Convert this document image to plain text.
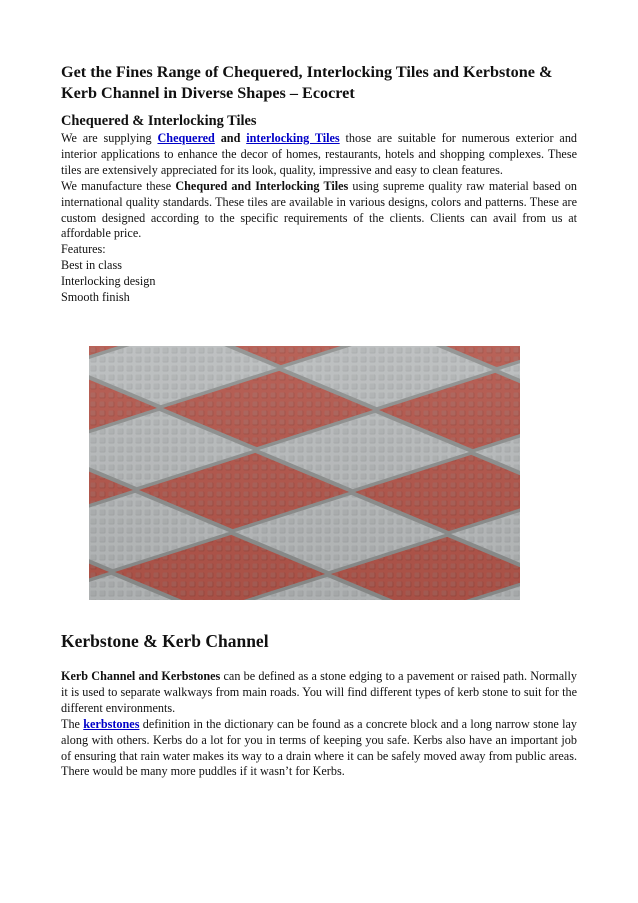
Get the Fines Range of Chequered, Interlocking Tiles and Kerbstone & Kerb Channel in Diverse Shapes – Ecocret
Chequered & Interlocking Tiles

We are supplying Chequered and interlocking Tiles those are suitable for numerous exterior and interior applications to enhance the decor of homes, restaurants, hotels and shopping complexes. These tiles are extensively appreciated for its look, quality, impressive and easy to clean features.

We manufacture these Chequred and Interlocking Tiles using supreme quality raw material based on international quality standards. These tiles are available in various designs, colors and patterns. These are custom designed according to the specific requirements of the clients. Clients can avail from us at affordable price.

Features:

Best in class

Interlocking design

Smooth finish

Kerbstone & Kerb Channel

Kerb Channel and Kerbstones can be defined as a stone edging to a pavement or raised path. Normally it is used to separate walkways from main roads. You will find different types of kerb stone to suit for the different environments.

The kerbstones definition in the dictionary can be found as a concrete block and a long narrow stone lay along with others. Kerbs do a lot for you in terms of keeping you safe. Kerbs also have an important job of ensuring that rain water makes its way to a drain where it can be safely moved away from public areas. There would be many more puddles if it wasn’t for Kerbs.
